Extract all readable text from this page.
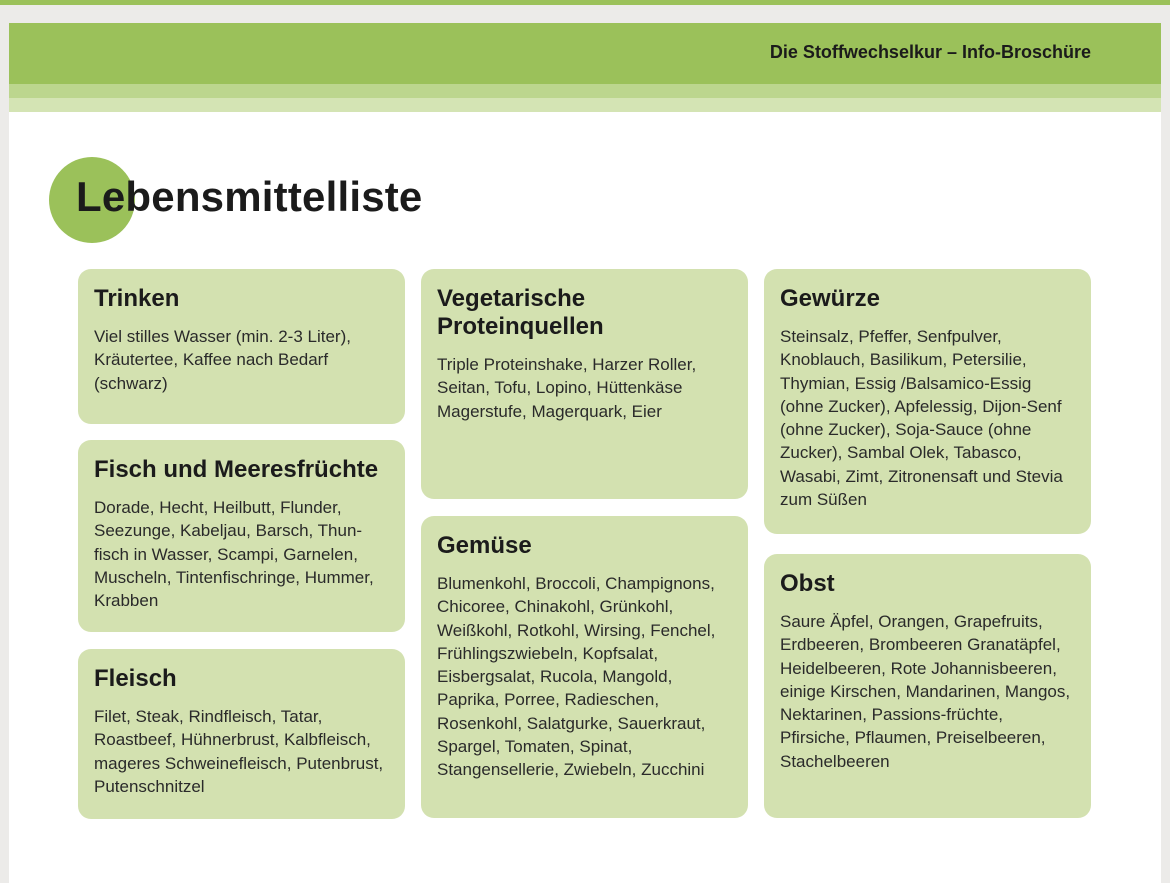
Die Stoffwechselkur – Info-Broschüre
Lebensmittelliste
Trinken

Viel stilles Wasser (min. 2-3 Liter), Kräutertee, Kaffee nach Bedarf (schwarz)

Fisch und Meeresfrüchte

Dorade, Hecht, Heilbutt, Flunder, Seezunge, Kabeljau, Barsch, Thun-fisch in Wasser, Scampi, Garnelen, Muscheln, Tintenfischringe, Hummer, Krabben

Fleisch

Filet, Steak, Rindfleisch, Tatar, Roastbeef, Hühnerbrust, Kalbfleisch, mageres Schweinefleisch, Putenbrust, Putenschnitzel

Vegetarische Proteinquellen

Triple Proteinshake, Harzer Roller, Seitan, Tofu, Lopino, Hüttenkäse Magerstufe, Magerquark, Eier

Gemüse

Blumenkohl, Broccoli, Champignons, Chicoree, Chinakohl, Grünkohl, Weißkohl, Rotkohl, Wirsing, Fenchel, Frühlingszwiebeln, Kopfsalat, Eisbergsalat, Rucola, Mangold, Paprika, Porree, Radieschen, Rosenkohl, Salatgurke, Sauerkraut, Spargel, Tomaten, Spinat, Stangensellerie, Zwiebeln, Zucchini

Gewürze

Steinsalz, Pfeffer, Senfpulver, Knoblauch, Basilikum, Petersilie, Thymian, Essig /Balsamico-Essig (ohne Zucker), Apfelessig, Dijon-Senf (ohne Zucker), Soja-Sauce (ohne Zucker), Sambal Olek, Tabasco, Wasabi, Zimt, Zitronensaft und Stevia zum Süßen

Obst

Saure Äpfel, Orangen, Grapefruits, Erdbeeren, Brombeeren Granatäpfel, Heidelbeeren, Rote Johannisbeeren, einige Kirschen, Mandarinen, Mangos, Nektarinen, Passions-früchte, Pfirsiche, Pflaumen, Preiselbeeren, Stachelbeeren
